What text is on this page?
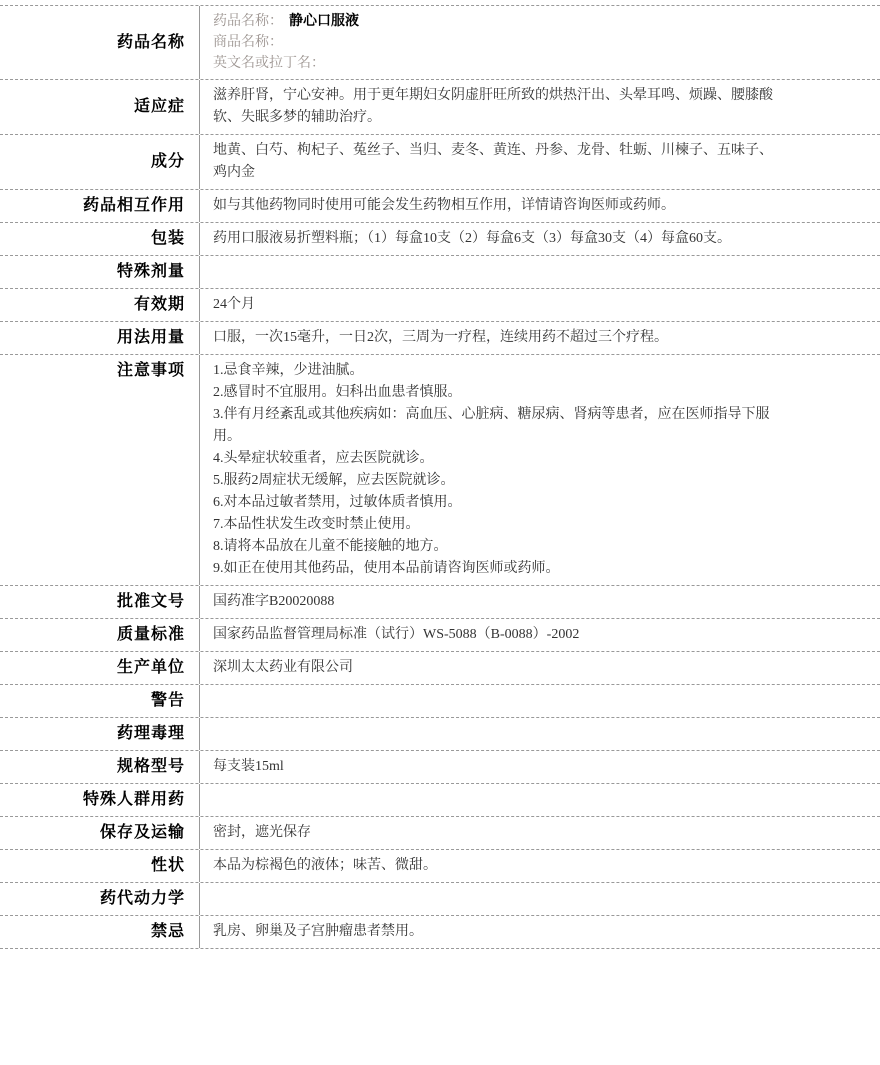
药品名称
药品名称： 静心口服液
商品名称：
英文名或拉丁名：
适应症
滋养肝肾，宁心安神。用于更年期妇女阴虚肝旺所致的烘热汗出、头晕耳鸣、烦躁、腰膝酸软、失眠多梦的辅助治疗。
成分
地黄、白芍、枸杞子、菟丝子、当归、麦冬、黄连、丹参、龙骨、牡蛎、川楝子、五味子、鸡内金
药品相互作用 如与其他药物同时使用可能会发生药物相互作用，详情请咨询医师或药师。
包装 药用口服液易折塑料瓶；（1）每盒10支（2）每盒6支（3）每盒30支（4）每盒60支。
特殊剂量
有效期 24个月
用法用量 口服，一次15毫升，一日2次，三周为一疗程，连续用药不超过三个疗程。
注意事项 1.忌食辛辣，少进油腻。
2.感冒时不宜服用。妇科出血患者慎服。
3.伴有月经紊乱或其他疾病如：高血压、心脏病、糖尿病、肾病等患者，应在医师指导下服用。
4.头晕症状较重者，应去医院就诊。
5.服药2周症状无缓解，应去医院就诊。
6.对本品过敏者禁用，过敏体质者慎用。
7.本品性状发生改变时禁止使用。
8.请将本品放在儿童不能接触的地方。
9.如正在使用其他药品，使用本品前请咨询医师或药师。
批准文号 国药准字B20020088
质量标准 国家药品监督管理局标准（试行）WS-5088（B-0088）-2002
生产单位 深圳太太药业有限公司
警告
药理毒理
规格型号 每支装15ml
特殊人群用药
保存及运输 密封，遮光保存
性状 本品为棕褐色的液体；味苦、微甜。
药代动力学
禁忌 乳房、卵巢及子宫肿瘤患者禁用。
